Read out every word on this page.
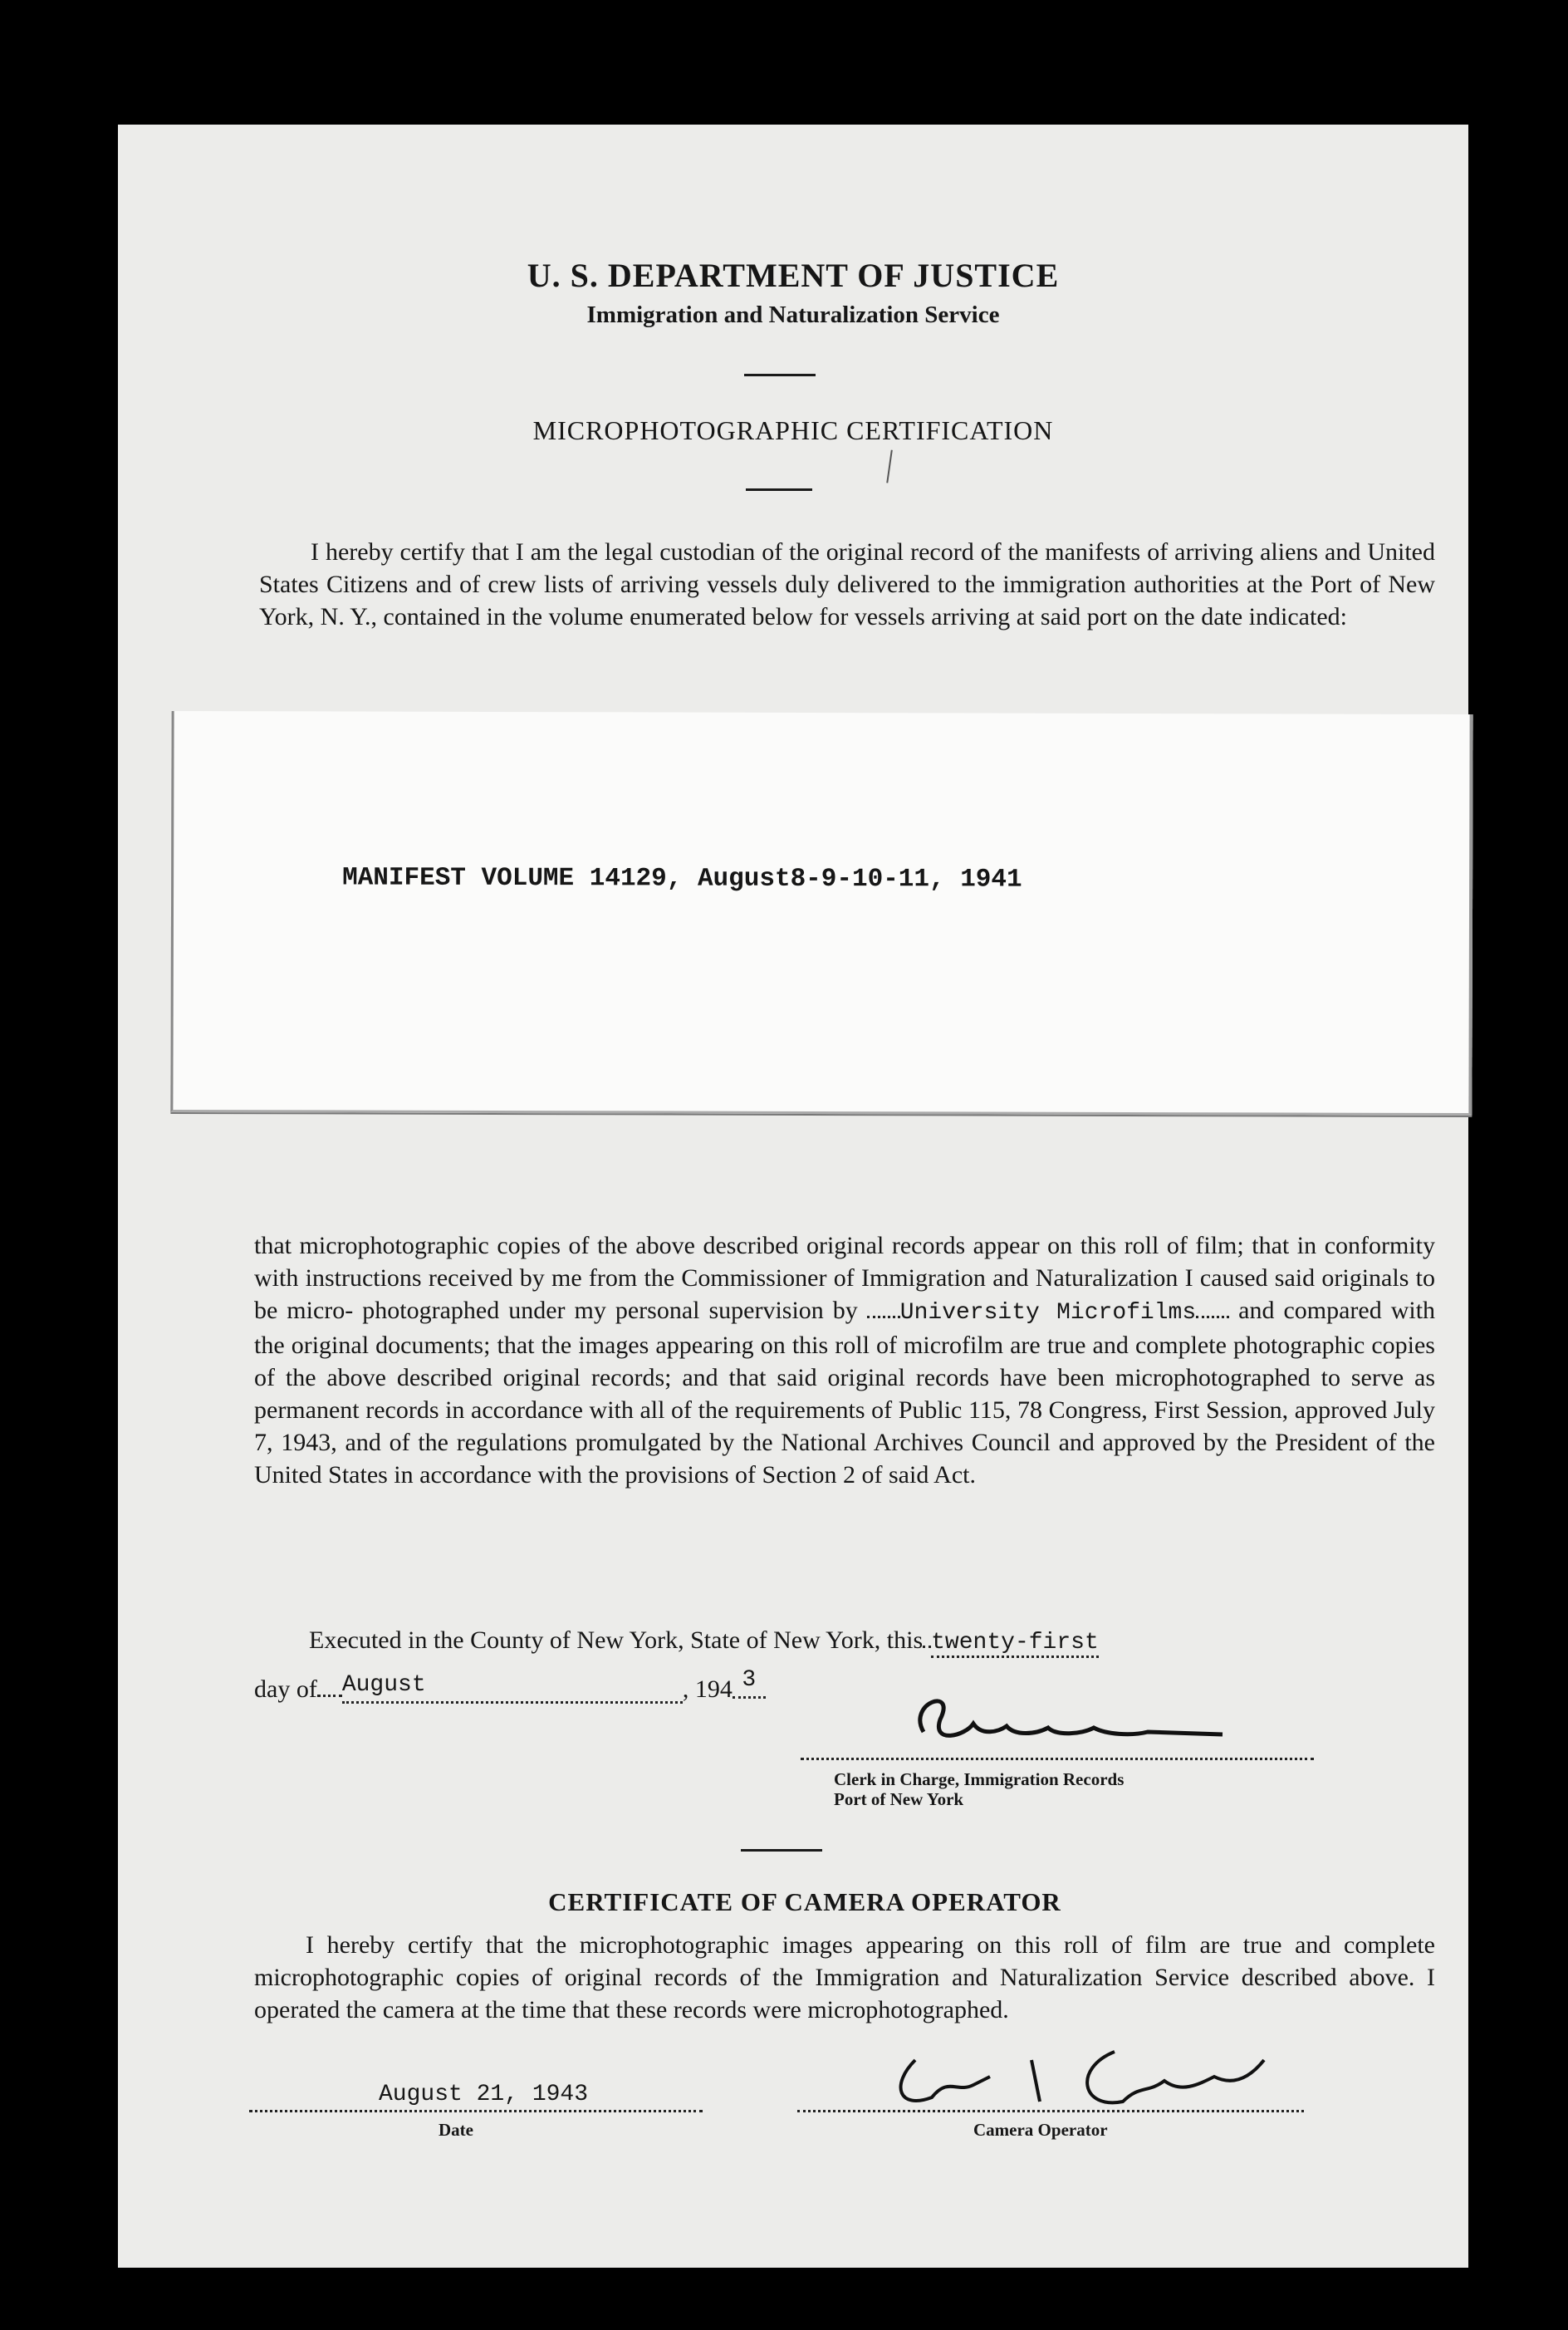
U. S. DEPARTMENT OF JUSTICE
Immigration and Naturalization Service
MICROPHOTOGRAPHIC CERTIFICATION

I hereby certify that I am the legal custodian of the original record of the manifests of arriving aliens and United States Citizens and of crew lists of arriving vessels duly delivered to the immigration authorities at the Port of New York, N. Y., contained in the volume enumerated below for vessels arriving at said port on the date indicated:

MANIFEST VOLUME 14129, August8-9-10-11, 1941

that microphotographic copies of the above described original records appear on this roll of film; that in conformity with instructions received by me from the Commissioner of Immigration and Naturalization I caused said originals to be micro- photographed under my personal supervision by University Microfilms and compared with the original documents; that the images appearing on this roll of microfilm are true and complete photographic copies of the above described original records; and that said original records have been microphotographed to serve as permanent records in accordance with all of the requirements of Public 115, 78 Congress, First Session, approved July 7, 1943, and of the regulations promulgated by the National Archives Council and approved by the President of the United States in accordance with the provisions of Section 2 of said Act.

Executed in the County of New York, State of New York, this twenty-first
day of August	, 194 3
Clerk in Charge, Immigration Records
Port of New York
CERTIFICATE OF CAMERA OPERATOR

I hereby certify that the microphotographic images appearing on this roll of film are true and complete microphotographic copies of original records of the Immigration and Naturalization Service described above. I operated the camera at the time that these records were microphotographed.

August 21, 1943
Date	Camera Operator
